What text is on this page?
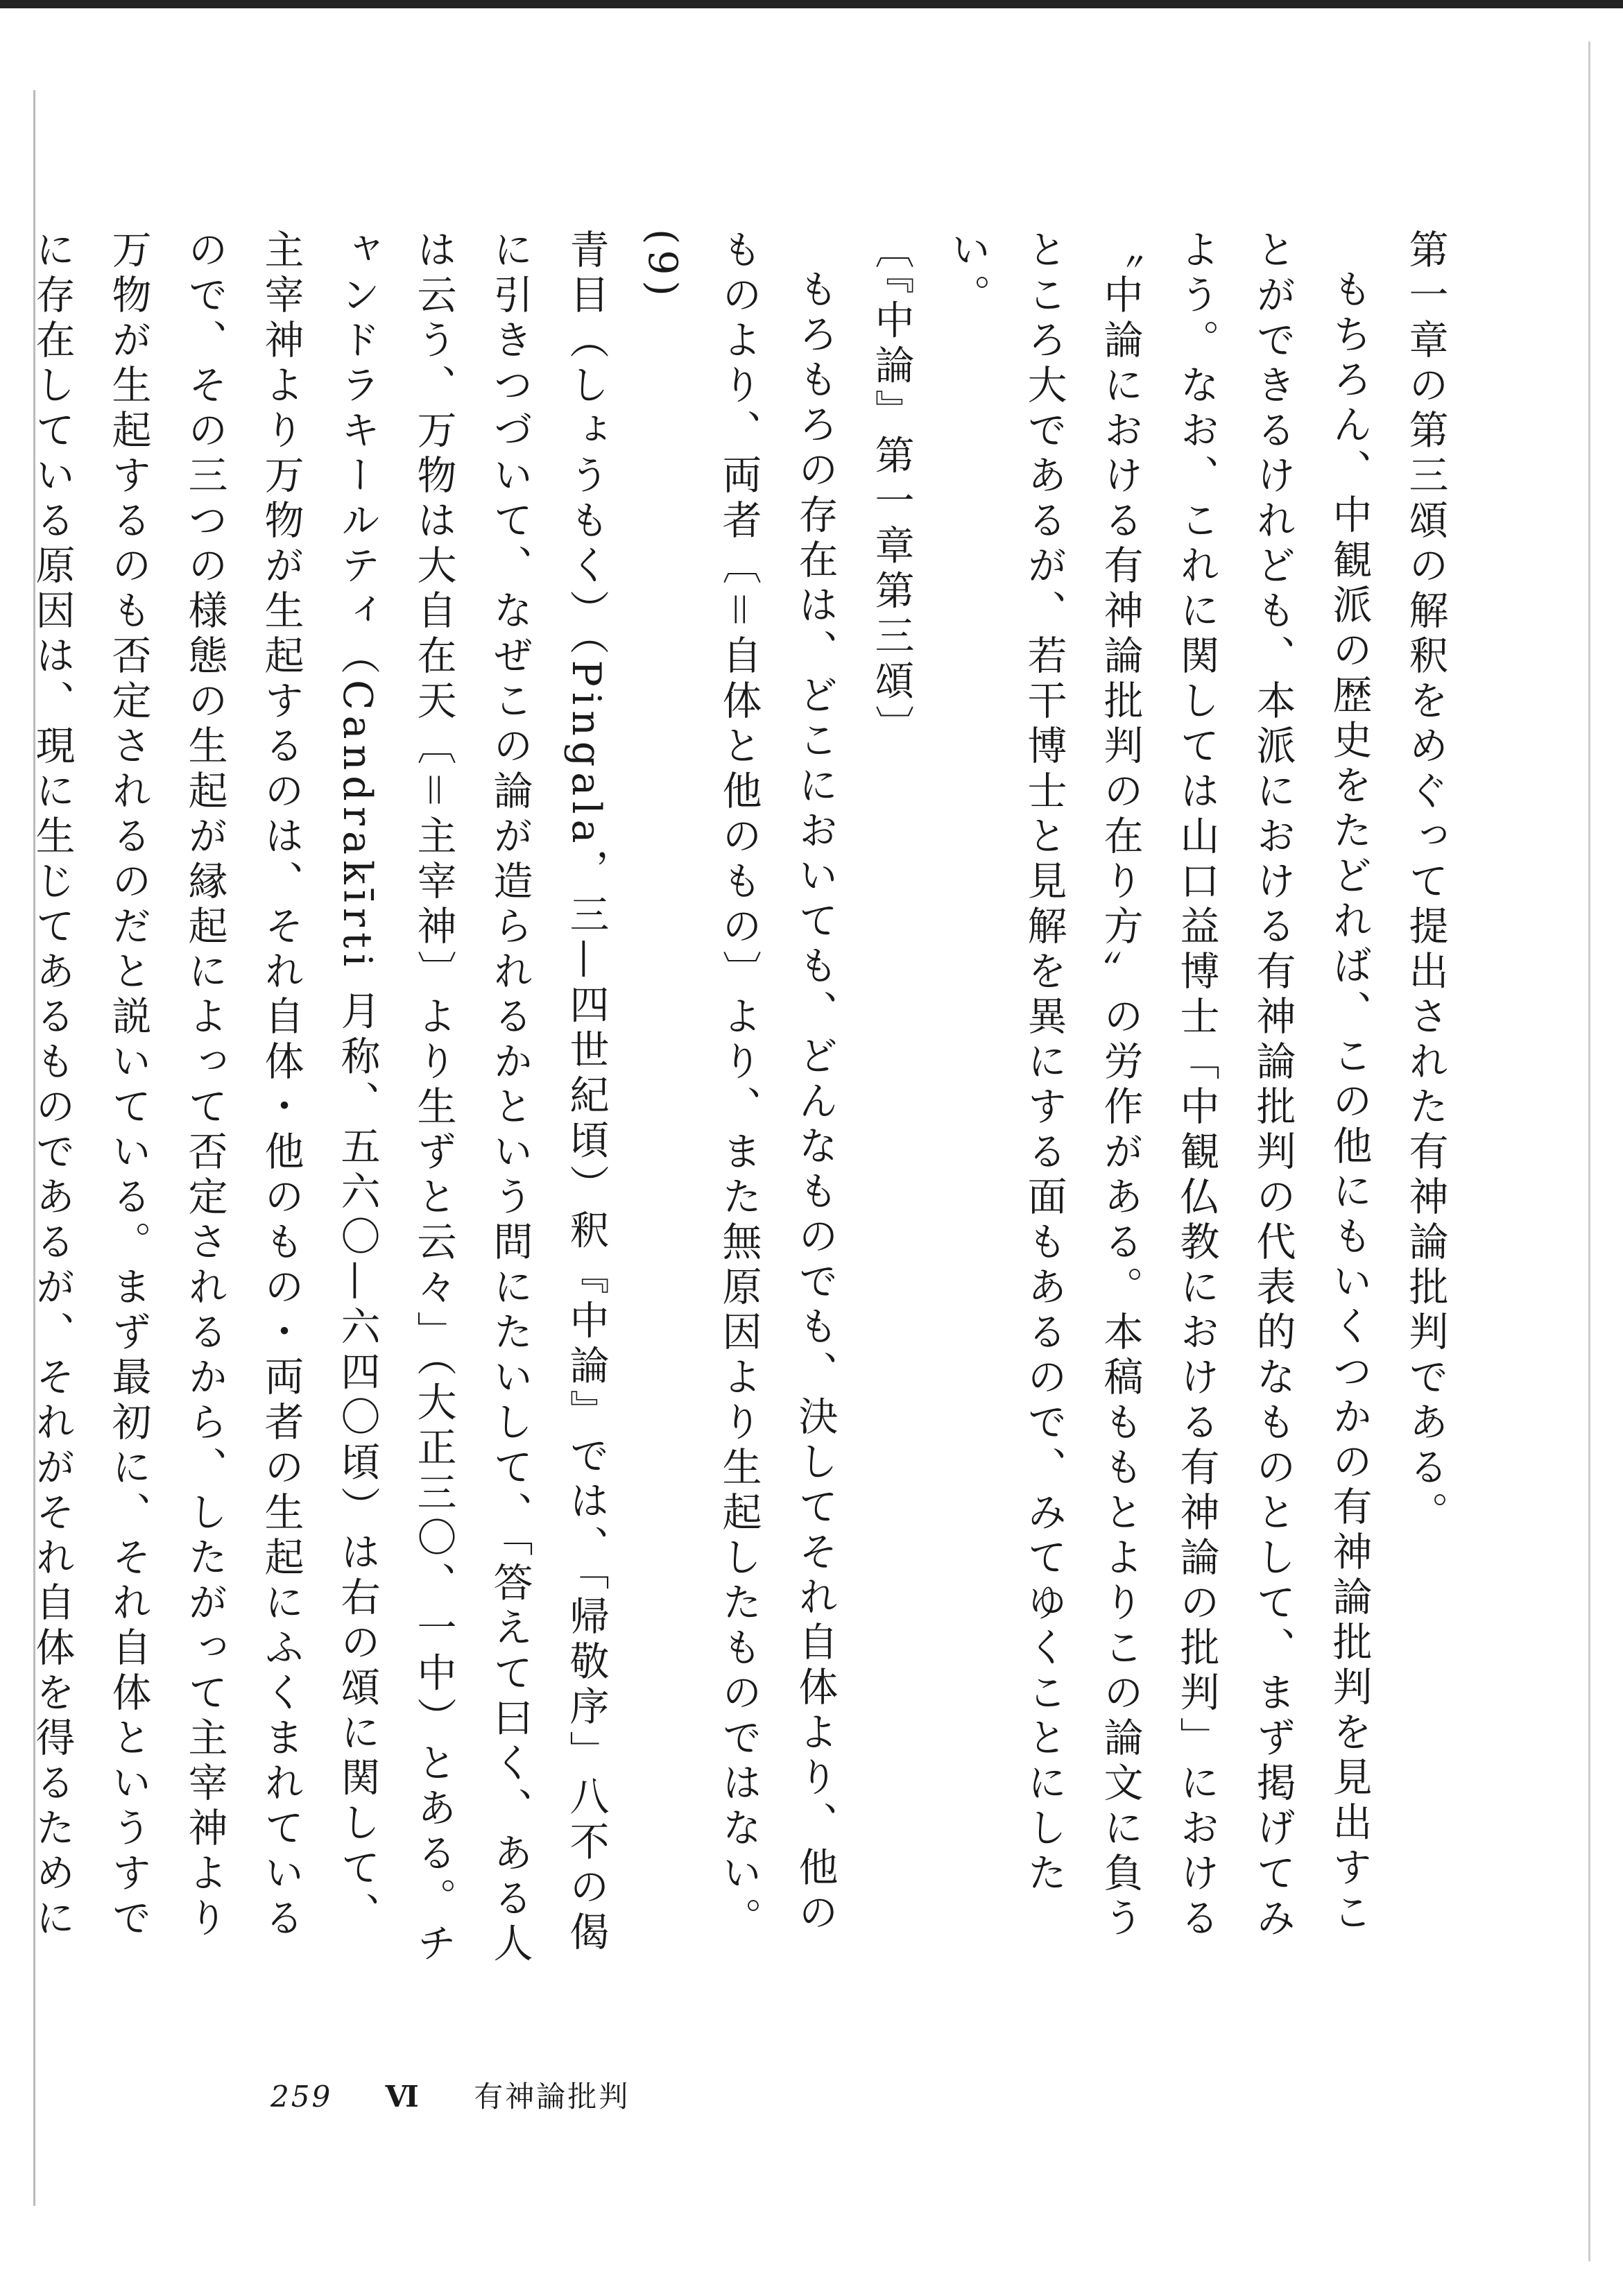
第一章の第三頌の解釈をめぐって提出された有神論批判である。

もちろん、中観派の歴史をたどれば、この他にもいくつかの有神論批判を見出すことができるけれども、本派における有神論批判の代表的なものとして、まず掲げてみよう。なお、これに関しては山口益博士「中観仏教における有神論の批判」における〝中論における有神論批判の在り方〟の労作がある。本稿ももとよりこの論文に負うところ大であるが、若干博士と見解を異にする面もあるので、みてゆくことにしたい。

〔『中論』第一章第三頌〕

もろもろの存在は、どこにおいても、どんなものでも、決してそれ自体より、他のものより、両者〔＝自体と他のもの〕より、また無原因より生起したものではない。(9)

青目（しょうもく）（Pingala，三—四世紀頃）釈『中論』では、「帰敬序」八不の偈に引きつづいて、なぜこの論が造られるかという問にたいして、「答えて曰く、ある人は云う、万物は大自在天〔＝主宰神〕より生ずと云々」（大正三〇、一中）とある。チャンドラキールティ（Candrakīrti 月称、五六〇—六四〇頃）は右の頌に関して、主宰神より万物が生起するのは、それ自体・他のもの・両者の生起にふくまれているので、その三つの様態の生起が縁起によって否定されるから、したがって主宰神より万物が生起するのも否定されるのだと説いている。まず最初に、それ自体というすでに存在している原因は、現に生じてあるものであるが、それがそれ自体を得るために

259 Ⅵ 有神論批判
